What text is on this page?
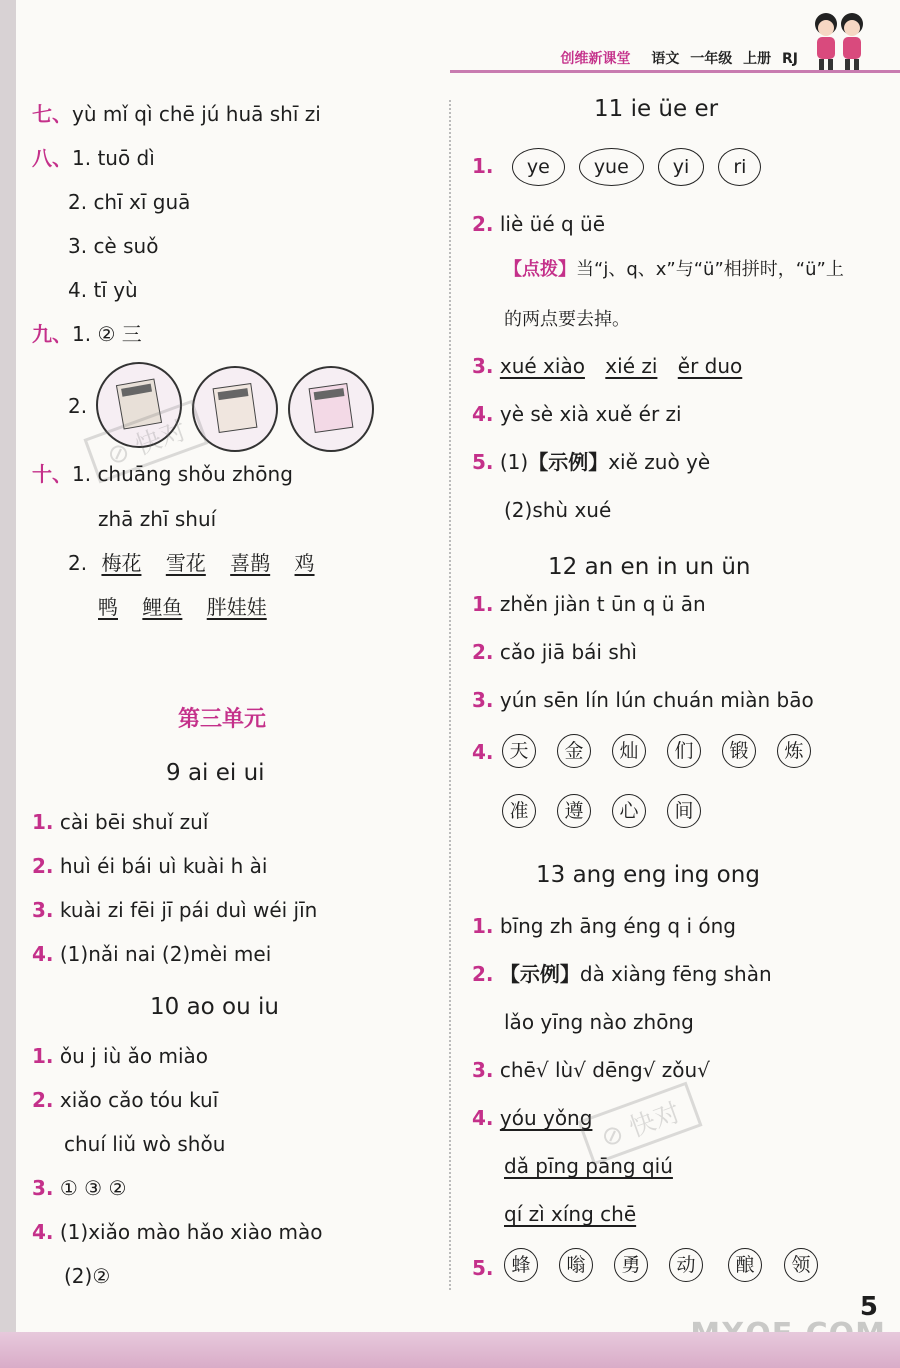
创维新课堂 语文 一年级 上册 RJ
七、yù mǐ qì chē jú huā shī zi
八、1. tuō dì
2. chī xī guā
3. cè suǒ
4. tī yù
九、1. ② 三
2.
⊘ 快对
十、1. chuāng shǒu zhōng
zhā zhī shuí
2. 梅花 雪花 喜鹊 鸡
鸭 鲤鱼 胖娃娃
第三单元
9 ai ei ui
1. cài bēi shuǐ zuǐ
2. huì éi bái uì kuài h ài
3. kuài zi fēi jī pái duì wéi jīn
4. (1)nǎi nai (2)mèi mei
10 ao ou iu
1. ǒu j iù ǎo miào
2. xiǎo cǎo tóu kuī
chuí liǔ wò shǒu
3. ① ③ ②
4. (1)xiǎo mào hǎo xiào mào
(2)②
11 ie üe er
1. ye yue yi ri
2. liè üé q üē
【点拨】当“j、q、x”与“ü”相拼时，“ü”上
的两点要去掉。
3. xué xiào xié zi ěr duo
4. yè sè xià xuě ér zi
5. (1)【示例】xiě zuò yè
(2)shù xué
12 an en in un ün
1. zhěn jiàn t ūn q ü ān
2. cǎo jiā bái shì
3. yún sēn lín lún chuán miàn bāo
4. 天	金	灿	们	锻	炼
准	遵	心	间
13 ang eng ing ong
1. bīng zh āng éng q i óng
2. 【示例】dà xiàng fēng shàn
lǎo yīng nào zhōng
3. chē√ lù√ dēng√ zǒu√
4. yóu yǒng
dǎ pīng pāng qiú
qí zì xíng chē
⊘ 快对
5. 蜂	嗡	勇	动	酿	领
5
